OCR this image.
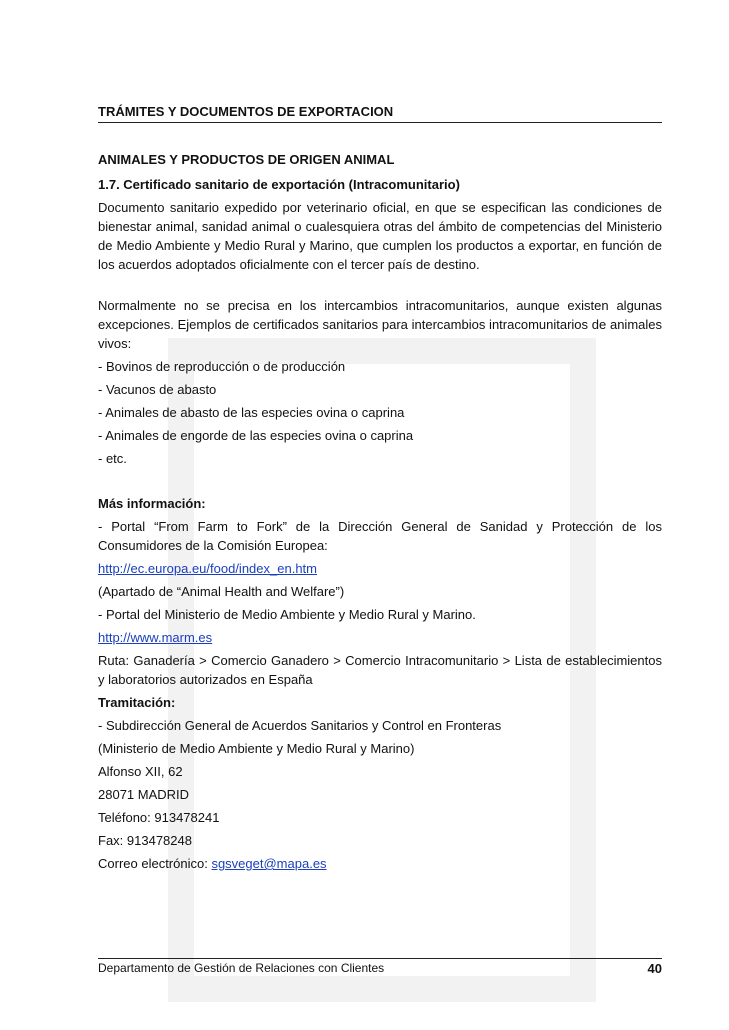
TRÁMITES Y DOCUMENTOS DE EXPORTACION
ANIMALES Y PRODUCTOS DE ORIGEN ANIMAL
1.7. Certificado sanitario de exportación (Intracomunitario)

Documento sanitario expedido por veterinario oficial, en que se especifican las condiciones de bienestar animal, sanidad animal o cualesquiera otras del ámbito de competencias del Ministerio de Medio Ambiente y Medio Rural y Marino, que cumplen los productos a exportar, en función de los acuerdos adoptados oficialmente con el tercer país de destino.

Normalmente no se precisa en los intercambios intracomunitarios, aunque existen algunas excepciones. Ejemplos de certificados sanitarios para intercambios intracomunitarios de animales vivos:

- Bovinos de reproducción o de producción
- Vacunos de abasto
- Animales de abasto de las especies ovina o caprina
- Animales de engorde de las especies ovina o caprina
- etc.
Más información:

- Portal “From Farm to Fork” de la Dirección General de Sanidad y Protección de los Consumidores de la Comisión Europea:

http://ec.europa.eu/food/index_en.htm
(Apartado de “Animal Health and Welfare”)
- Portal del Ministerio de Medio Ambiente y Medio Rural y Marino.
http://www.marm.es

Ruta: Ganadería > Comercio Ganadero > Comercio Intracomunitario > Lista de establecimientos y laboratorios autorizados en España

Tramitación:
- Subdirección General de Acuerdos Sanitarios y Control en Fronteras
(Ministerio de Medio Ambiente y Medio Rural y Marino)
Alfonso XII, 62
28071 MADRID
Teléfono: 913478241
Fax: 913478248
Correo electrónico: sgsveget@mapa.es
Departamento de Gestión de Relaciones con Clientes	40
